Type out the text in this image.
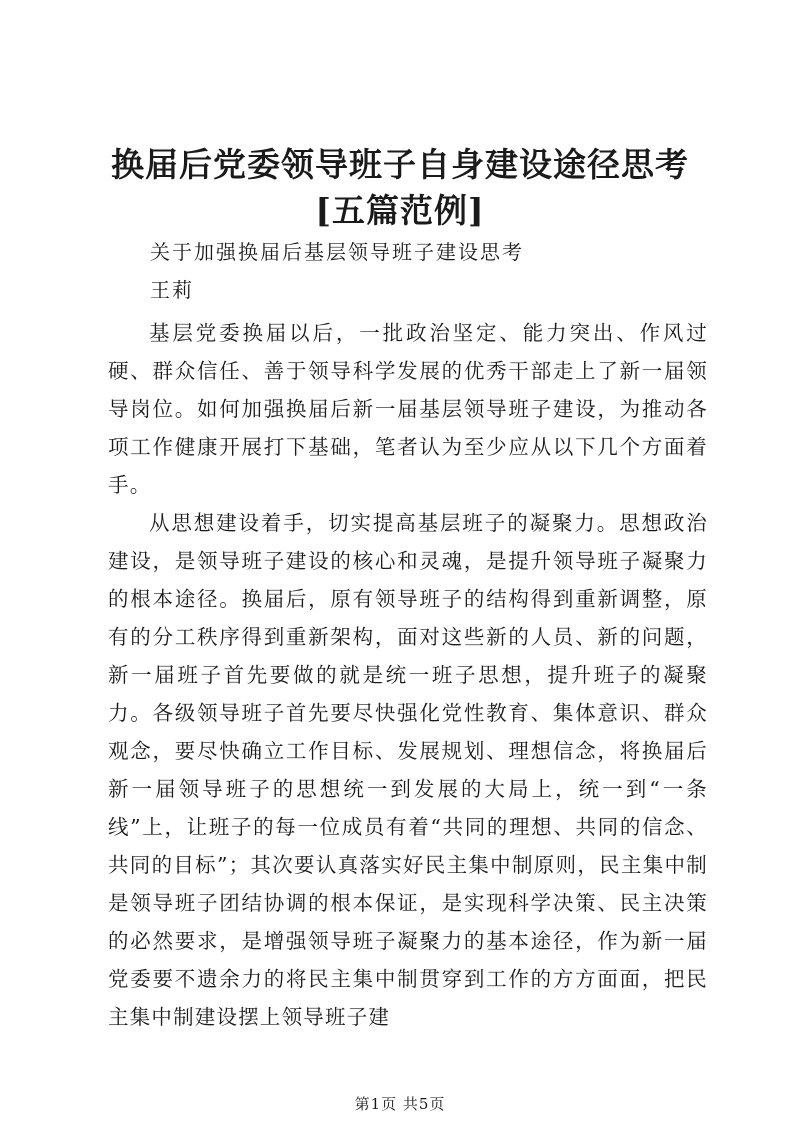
换届后党委领导班子自身建设途径思考[五篇范例]
关于加强换届后基层领导班子建设思考
王莉

基层党委换届以后，一批政治坚定、能力突出、作风过硬、群众信任、善于领导科学发展的优秀干部走上了新一届领导岗位。如何加强换届后新一届基层领导班子建设，为推动各项工作健康开展打下基础，笔者认为至少应从以下几个方面着手。

从思想建设着手，切实提高基层班子的凝聚力。思想政治建设，是领导班子建设的核心和灵魂，是提升领导班子凝聚力的根本途径。换届后，原有领导班子的结构得到重新调整，原有的分工秩序得到重新架构，面对这些新的人员、新的问题，新一届班子首先要做的就是统一班子思想，提升班子的凝聚力。各级领导班子首先要尽快强化党性教育、集体意识、群众观念，要尽快确立工作目标、发展规划、理想信念，将换届后新一届领导班子的思想统一到发展的大局上，统一到“一条线”上，让班子的每一位成员有着“共同的理想、共同的信念、共同的目标”；其次要认真落实好民主集中制原则，民主集中制是领导班子团结协调的根本保证，是实现科学决策、民主决策的必然要求，是增强领导班子凝聚力的基本途径，作为新一届党委要不遗余力的将民主集中制贯穿到工作的方方面面，把民主集中制建设摆上领导班子建

第1页 共5页
